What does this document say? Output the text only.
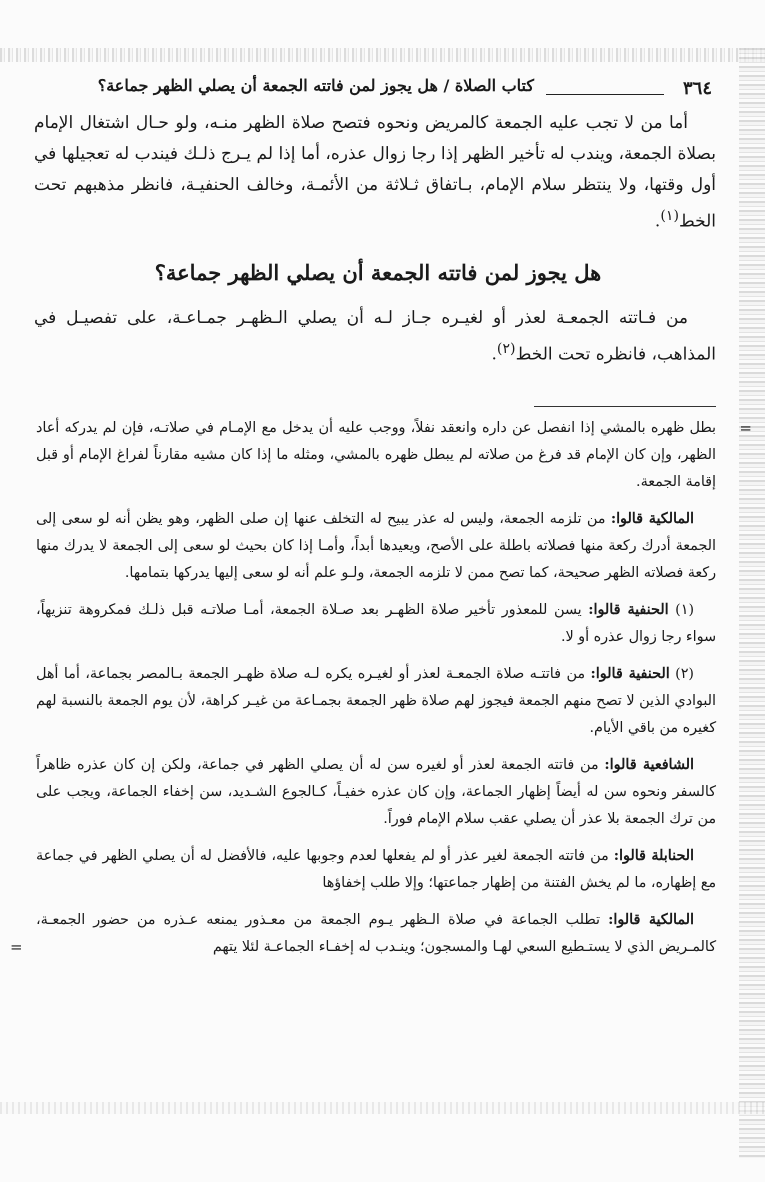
٣٦٤
كتاب الصلاة / هل يجوز لمن فاتته الجمعة أن يصلي الظهر جماعة؟

أما من لا تجب عليه الجمعة كالمريض ونحوه فتصح صلاة الظهر منـه، ولو حـال اشتغال الإمام بصلاة الجمعة، ويندب له تأخير الظهر إذا رجا زوال عذره، أما إذا لم يـرج ذلـك فيندب له تعجيلها في أول وقتها، ولا ينتظر سلام الإمام، بـاتفاق ثـلاثة من الأئمـة، وخالف الحنفيـة، فانظر مذهبهم تحت الخط$^{(١)}$.

هل يجوز لمن فاتته الجمعة أن يصلي الظهر جماعة؟

من فـاتته الجمعـة لعذر أو لغيـره جـاز لـه أن يصلي الـظهـر جمـاعـة، على تفصيـل في المذاهب، فانظره تحت الخط$^{(٢)}$.

=
بطل ظهره بالمشي إذا انفصل عن داره وانعقد نفلاً، ووجب عليه أن يدخل مع الإمـام في صلاتـه، فإن لم يدركه أعاد الظهر، وإن كان الإمام قد فرغ من صلاته لم يبطل ظهره بالمشي، ومثله ما إذا كان مشيه مقارناً لفراغ الإمام أو قبل إقامة الجمعة.

المالكية قالوا: من تلزمه الجمعة، وليس له عذر يبيح له التخلف عنها إن صلى الظهر، وهو يظن أنه لو سعى إلى الجمعة أدرك ركعة منها فصلاته باطلة على الأصح، ويعيدها أبداً، وأمـا إذا كان بحيث لو سعى إلى الجمعة لا يدرك منها ركعة فصلاته الظهر صحيحة، كما تصح ممن لا تلزمه الجمعة، ولـو علم أنه لو سعى إليها يدركها بتمامها.

(١) الحنفية قالوا: يسن للمعذور تأخير صلاة الظهـر بعد صـلاة الجمعة، أمـا صلاتـه قبل ذلـك فمكروهة تنزيهاً، سواء رجا زوال عذره أو لا.

(٢) الحنفية قالوا: من فاتتـه صلاة الجمعـة لعذر أو لغيـره يكره لـه صلاة ظهـر الجمعة بـالمصر بجماعة، أما أهل البوادي الذين لا تصح منهم الجمعة فيجوز لهم صلاة ظهر الجمعة بجمـاعة من غيـر كراهة، لأن يوم الجمعة بالنسبة لهم كغيره من باقي الأيام.

الشافعية قالوا: من فاتته الجمعة لعذر أو لغيره سن له أن يصلي الظهر في جماعة، ولكن إن كان عذره ظاهراً كالسفر ونحوه سن له أيضاً إظهار الجماعة، وإن كان عذره خفيـاً، كـالجوع الشـديد، سن إخفاء الجماعة، ويجب على من ترك الجمعة بلا عذر أن يصلي عقب سلام الإمام فوراً.

الحنابلة قالوا: من فاتته الجمعة لغير عذر أو لم يفعلها لعدم وجوبها عليه، فالأفضل له أن يصلي الظهر في جماعة مع إظهاره، ما لم يخش الفتنة من إظهار جماعتها؛ وإلا طلب إخفاؤها

المالكية قالوا: تطلب الجماعة في صلاة الـظهر يـوم الجمعة من معـذور يمنعه عـذره من حضور الجمعـة، كالمـريض الذي لا يستـطيع السعي لهـا والمسجون؛ وينـدب له إخفـاء الجماعـة لئلا يتهم
=
